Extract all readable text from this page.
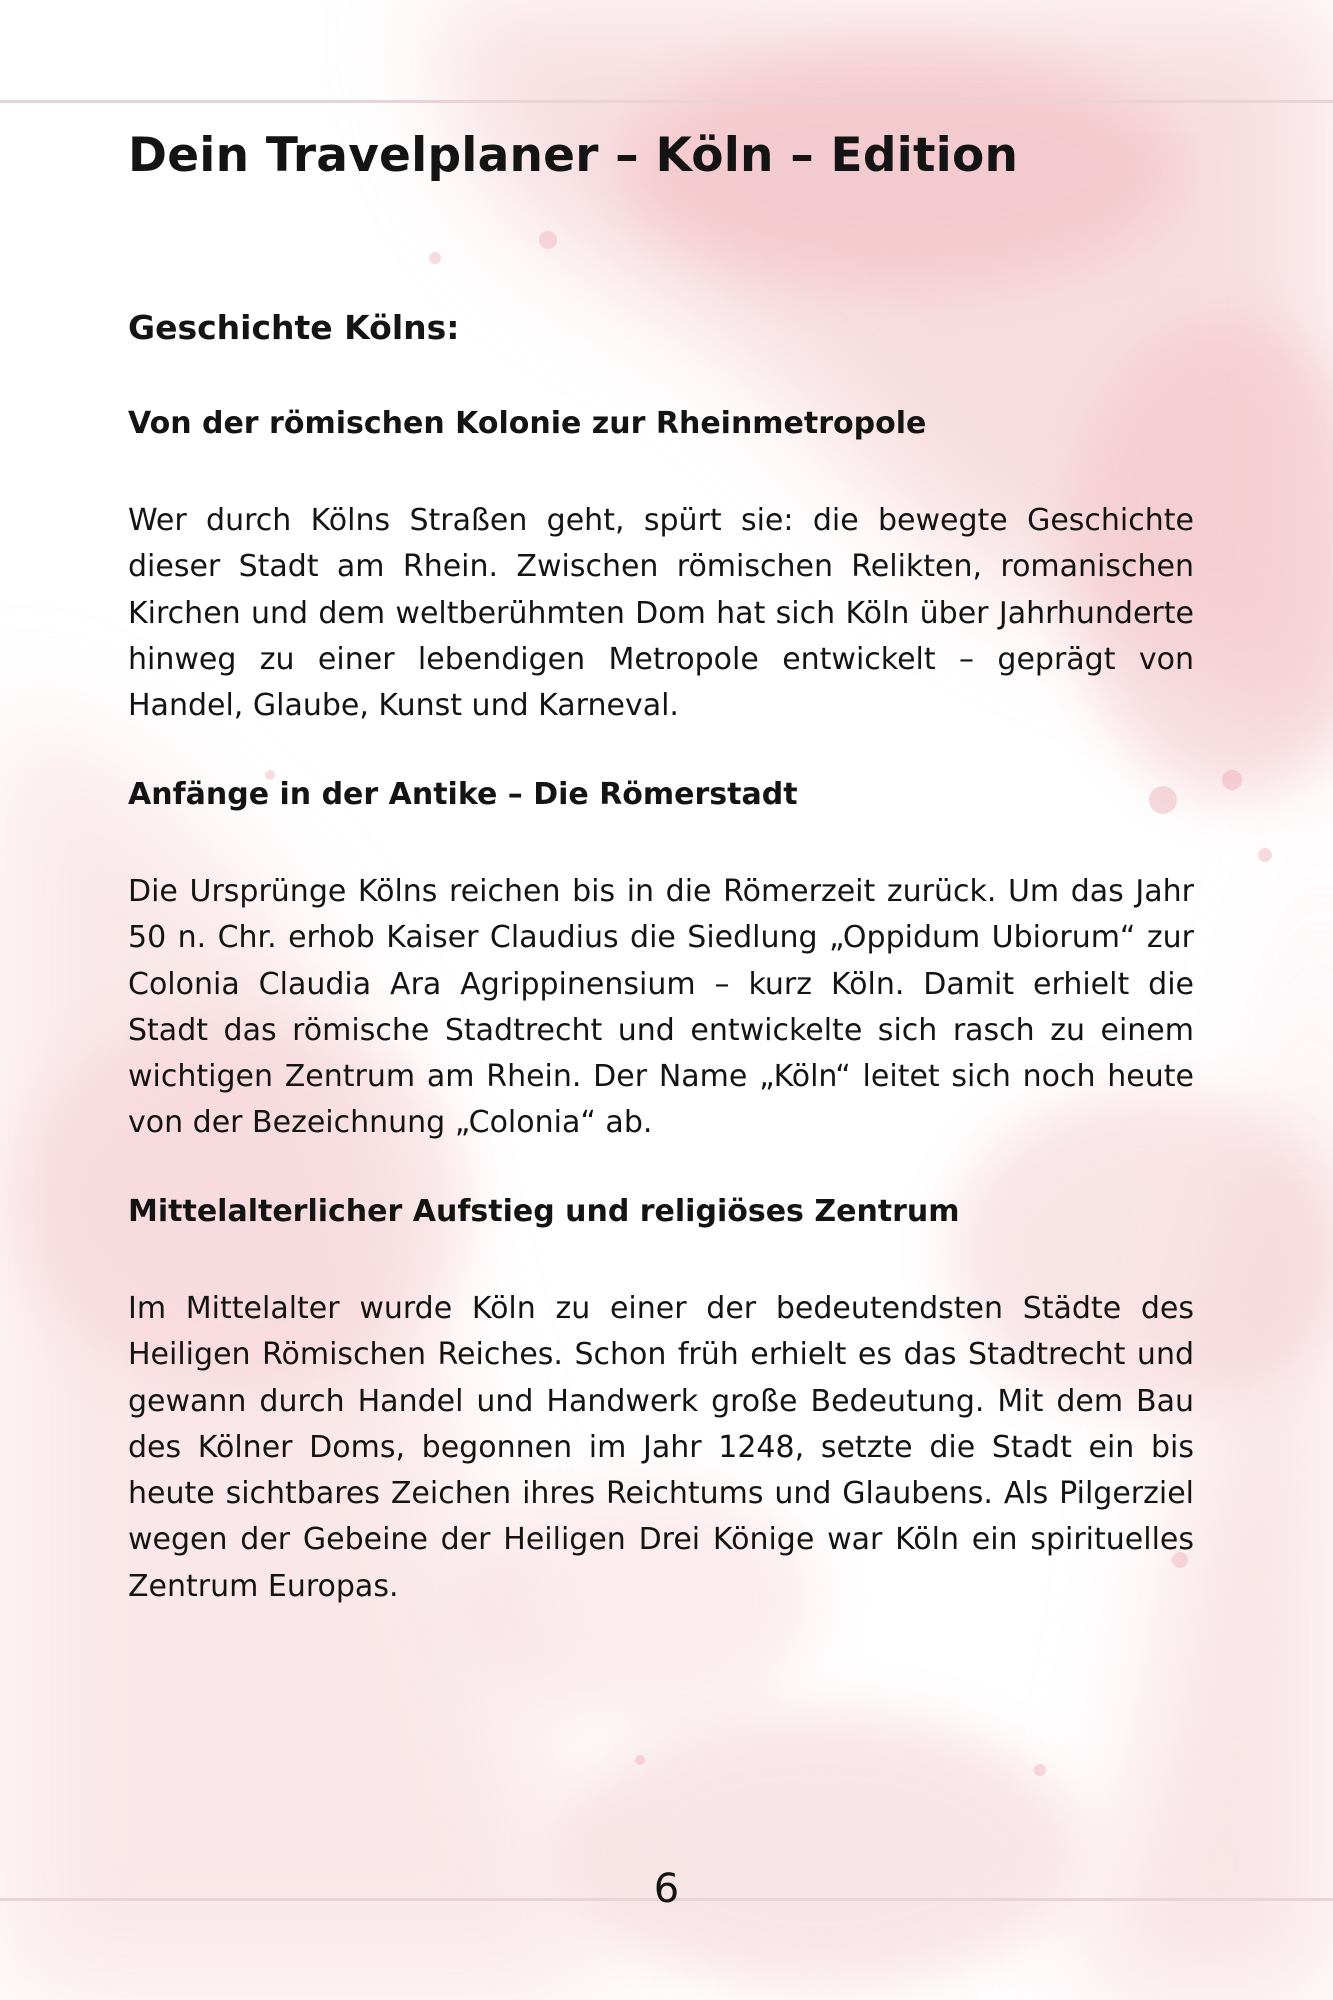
Dein Travelplaner – Köln – Edition
Geschichte Kölns:
Von der römischen Kolonie zur Rheinmetropole

Wer durch Kölns Straßen geht, spürt sie: die bewegte Geschichte dieser Stadt am Rhein. Zwischen römischen Relikten, romanischen Kirchen und dem weltberühmten Dom hat sich Köln über Jahrhunderte hinweg zu einer lebendigen Metropole entwickelt – geprägt von Handel, Glaube, Kunst und Karneval.

Anfänge in der Antike – Die Römerstadt

Die Ursprünge Kölns reichen bis in die Römerzeit zurück. Um das Jahr 50 n. Chr. erhob Kaiser Claudius die Siedlung „Oppidum Ubiorum“ zur Colonia Claudia Ara Agrippinensium – kurz Köln. Damit erhielt die Stadt das römische Stadtrecht und entwickelte sich rasch zu einem wichtigen Zentrum am Rhein. Der Name „Köln“ leitet sich noch heute von der Bezeichnung „Colonia“ ab.

Mittelalterlicher Aufstieg und religiöses Zentrum

Im Mittelalter wurde Köln zu einer der bedeutendsten Städte des Heiligen Römischen Reiches. Schon früh erhielt es das Stadtrecht und gewann durch Handel und Handwerk große Bedeutung. Mit dem Bau des Kölner Doms, begonnen im Jahr 1248, setzte die Stadt ein bis heute sichtbares Zeichen ihres Reichtums und Glaubens. Als Pilgerziel wegen der Gebeine der Heiligen Drei Könige war Köln ein spirituelles Zentrum Europas.

6
